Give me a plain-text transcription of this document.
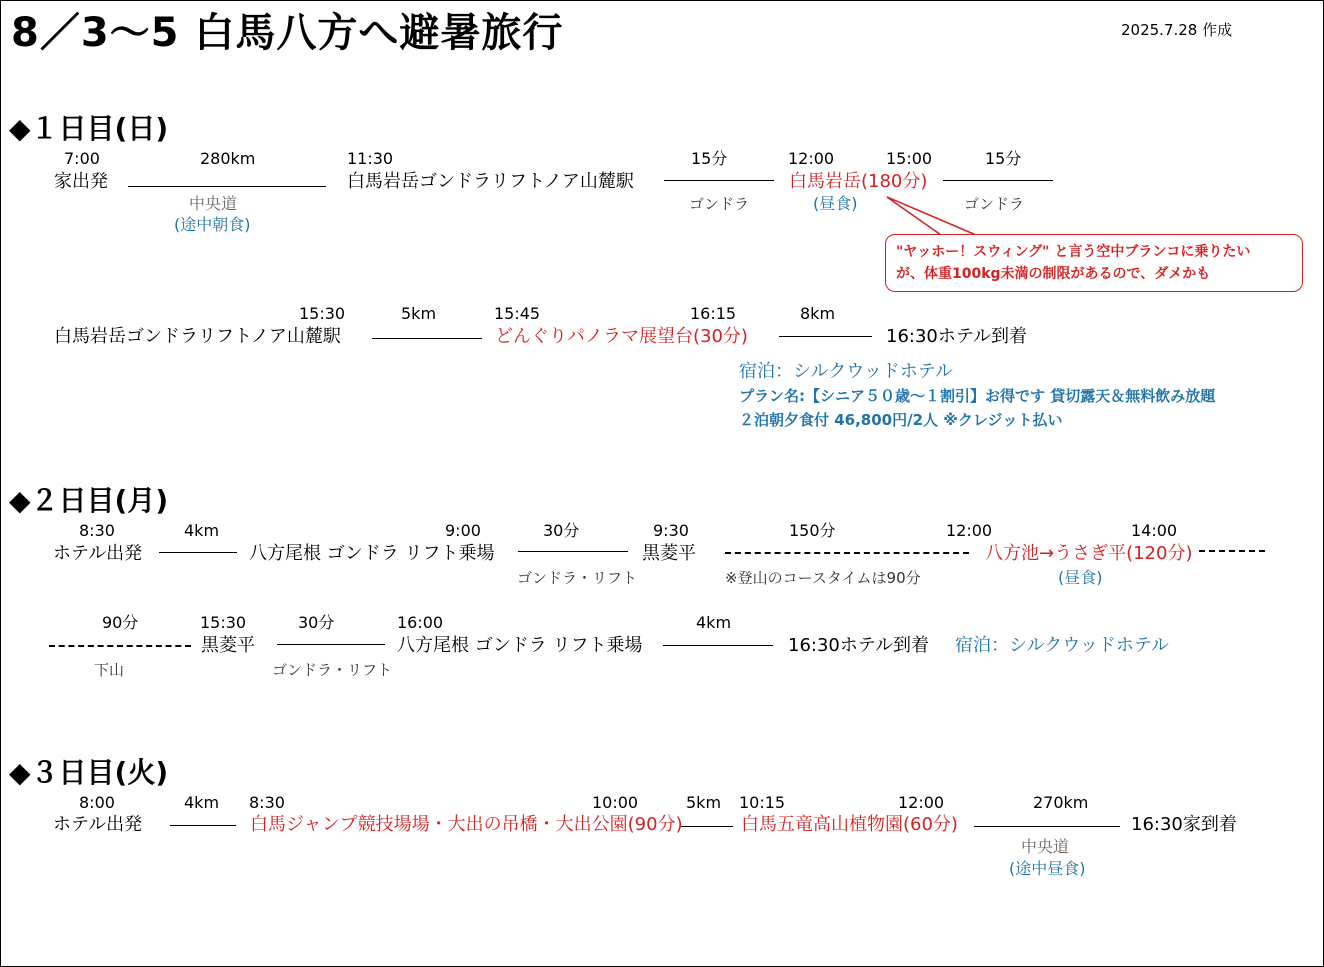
8／3～5 白馬八方へ避暑旅行	2025.7.28 作成
◆１日目(日)
7:00
家出発
280km
中央道
(途中朝食)
11:30
白馬岩岳ゴンドラリフトノア山麓駅
15分
ゴンドラ
12:00
白馬岩岳(180分)
(昼食)
15:00	15分
ゴンドラ
"ヤッホー！スウィング" と言う空中ブランコに乗りたい
が、体重100kg未満の制限があるので、ダメかも
15:30
白馬岩岳ゴンドラリフトノア山麓駅
5km	15:45
どんぐりパノラマ展望台(30分)
16:15	8km
16:30ホテル到着
宿泊：シルクウッドホテル
プラン名:【シニア５０歳～１割引】お得です 貸切露天＆無料飲み放題
２泊朝夕食付 46,800円/2人 ※クレジット払い
◆２日目(月)
8:30
ホテル出発
4km
八方尾根 ゴンドラ リフト乗場
9:00	30分
ゴンドラ・リフト
9:30
黒菱平
150分
※登山のコースタイムは90分
12:00
八方池→うさぎ平(120分)
(昼食)
14:00
90分
下山
15:30
黒菱平
30分
ゴンドラ・リフト
16:00
八方尾根 ゴンドラ リフト乗場
4km
16:30ホテル到着 宿泊：シルクウッドホテル
◆３日目(火)
8:00
ホテル出発
4km 8:30
白馬ジャンプ競技場場・大出の吊橋・大出公園(90分)
10:00	5km 10:15
白馬五竜高山植物園(60分)
12:00	270km
中央道
(途中昼食)
16:30家到着
